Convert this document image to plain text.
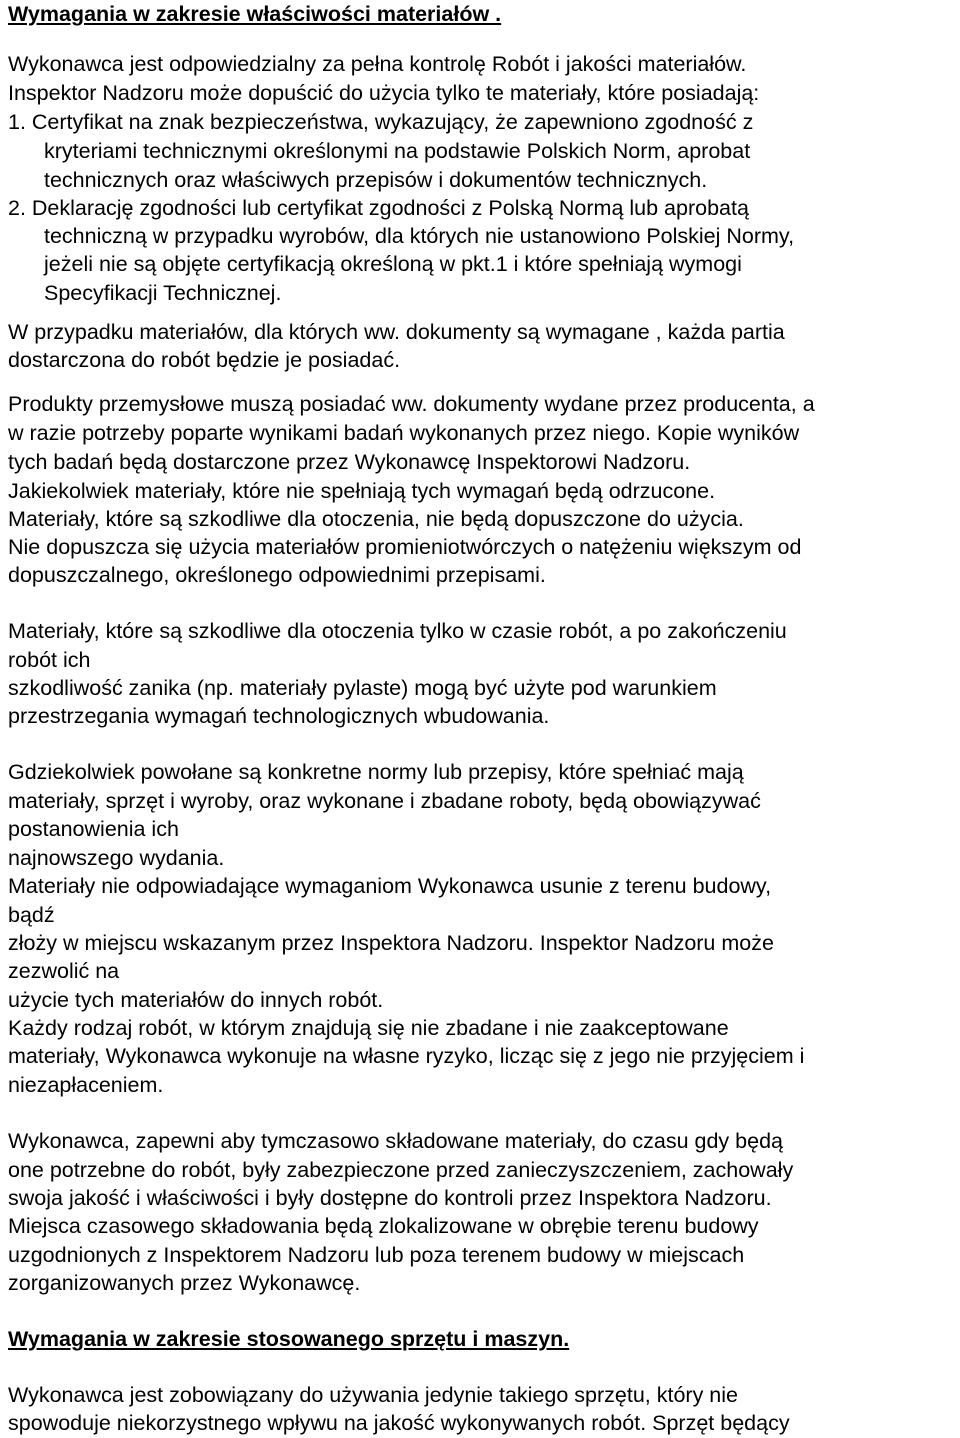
Wymagania w zakresie właściwości materiałów .
Wykonawca jest odpowiedzialny za pełna kontrolę Robót i jakości materiałów.
Inspektor Nadzoru może dopuścić do użycia tylko te materiały, które posiadają:
1. Certyfikat na znak bezpieczeństwa, wykazujący, że zapewniono zgodność z
kryteriami technicznymi określonymi na podstawie Polskich Norm, aprobat
technicznych oraz właściwych przepisów i dokumentów technicznych.
2. Deklarację zgodności lub certyfikat zgodności z Polską Normą lub aprobatą
techniczną w przypadku wyrobów, dla których nie ustanowiono Polskiej Normy,
jeżeli nie są objęte certyfikacją określoną w pkt.1 i które spełniają wymogi
Specyfikacji Technicznej.
W przypadku materiałów, dla których ww. dokumenty są wymagane , każda partia
dostarczona do robót będzie je posiadać.
Produkty przemysłowe muszą posiadać ww. dokumenty wydane przez producenta, a
w razie potrzeby poparte wynikami badań wykonanych przez niego. Kopie wyników
tych badań będą dostarczone przez Wykonawcę Inspektorowi Nadzoru.
Jakiekolwiek materiały, które nie spełniają tych wymagań będą odrzucone.
Materiały, które są szkodliwe dla otoczenia, nie będą dopuszczone do użycia.
Nie dopuszcza się użycia materiałów promieniotwórczych o natężeniu większym od
dopuszczalnego, określonego odpowiednimi przepisami.
Materiały, które są szkodliwe dla otoczenia tylko w czasie robót, a po zakończeniu
robót ich
szkodliwość zanika (np. materiały pylaste) mogą być użyte pod warunkiem
przestrzegania wymagań technologicznych wbudowania.
Gdziekolwiek powołane są konkretne normy lub przepisy, które spełniać mają
materiały, sprzęt i wyroby, oraz wykonane i zbadane roboty, będą obowiązywać
postanowienia ich
najnowszego wydania.
Materiały nie odpowiadające wymaganiom Wykonawca usunie z terenu budowy,
bądź
złoży w miejscu wskazanym przez Inspektora Nadzoru. Inspektor Nadzoru może
zezwolić na
użycie tych materiałów do innych robót.
Każdy rodzaj robót, w którym znajdują się nie zbadane i nie zaakceptowane
materiały, Wykonawca wykonuje na własne ryzyko, licząc się z jego nie przyjęciem i
niezapłaceniem.
Wykonawca, zapewni aby tymczasowo składowane materiały, do czasu gdy będą
one potrzebne do robót, były zabezpieczone przed zanieczyszczeniem, zachowały
swoja jakość i właściwości i były dostępne do kontroli przez Inspektora Nadzoru.
Miejsca czasowego składowania będą zlokalizowane w obrębie terenu budowy
uzgodnionych z Inspektorem Nadzoru lub poza terenem budowy w miejscach
zorganizowanych przez Wykonawcę.
Wymagania w zakresie stosowanego sprzętu i maszyn.
Wykonawca jest zobowiązany do używania jedynie takiego sprzętu, który nie
spowoduje niekorzystnego wpływu na jakość wykonywanych robót. Sprzęt będący
